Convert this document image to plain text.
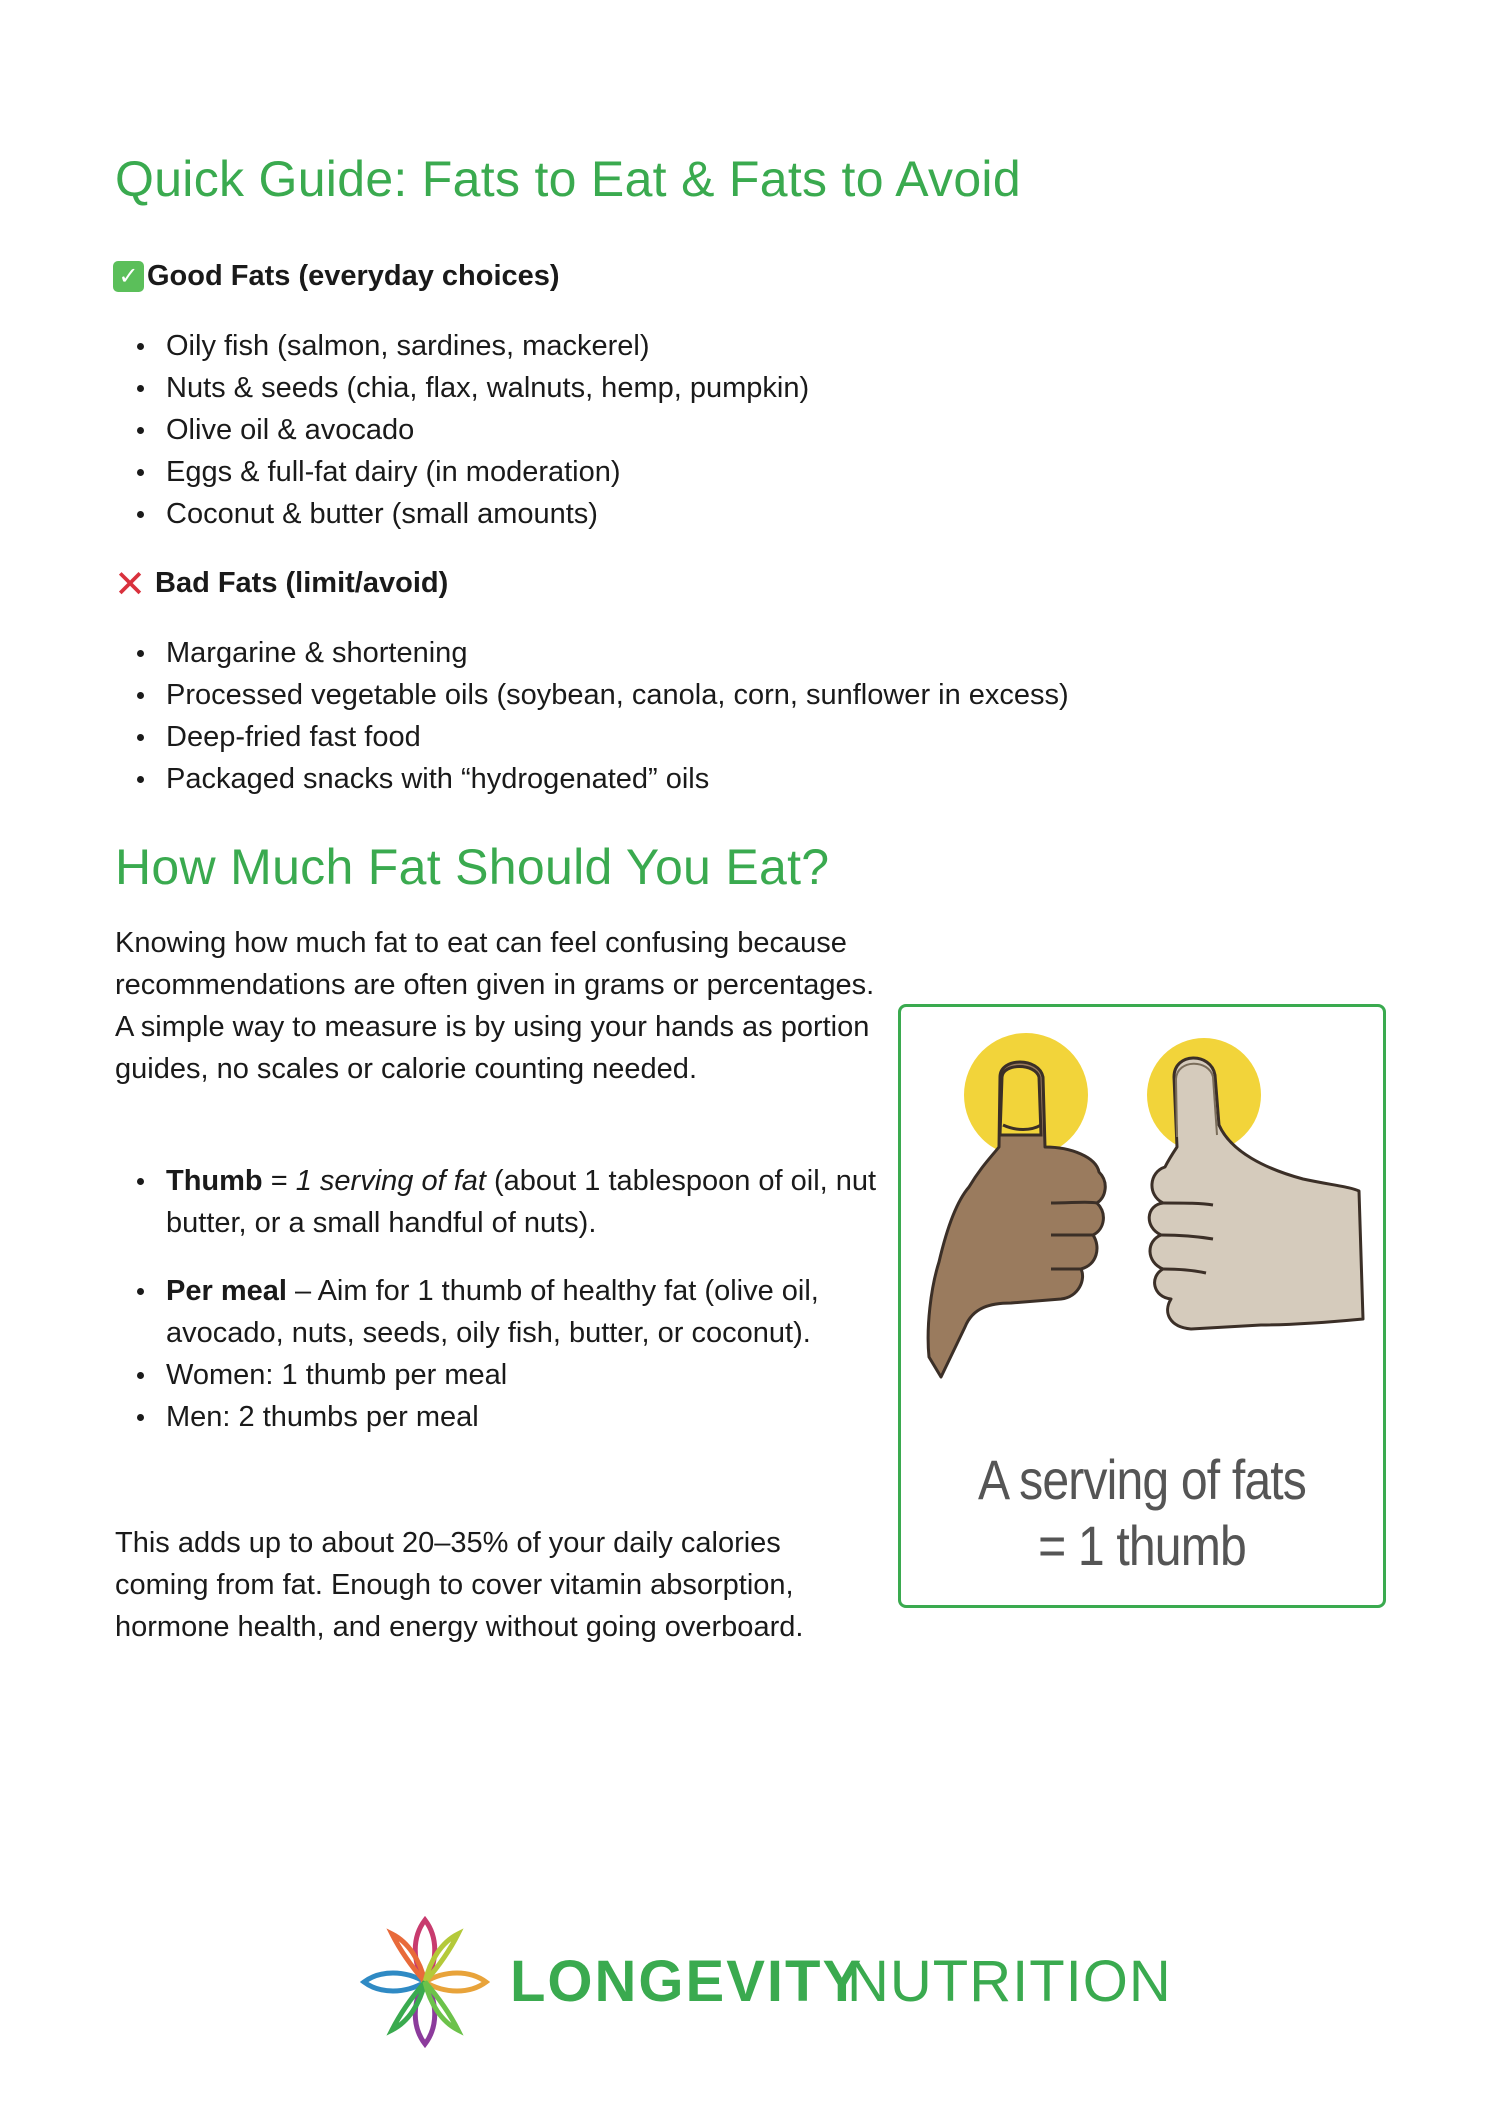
Quick Guide: Fats to Eat & Fats to Avoid
✓ Good Fats (everyday choices)
Oily fish (salmon, sardines, mackerel)
Nuts & seeds (chia, flax, walnuts, hemp, pumpkin)
Olive oil & avocado
Eggs & full-fat dairy (in moderation)
Coconut & butter (small amounts)
✕ Bad Fats (limit/avoid)
Margarine & shortening
Processed vegetable oils (soybean, canola, corn, sunflower in excess)
Deep-fried fast food
Packaged snacks with “hydrogenated” oils
How Much Fat Should You Eat?

Knowing how much fat to eat can feel confusing because recommendations are often given in grams or percentages. A simple way to measure is by using your hands as portion guides, no scales or calorie counting needed.

Thumb = 1 serving of fat (about 1 tablespoon of oil, nut butter, or a small handful of nuts).
Per meal – Aim for 1 thumb of healthy fat (olive oil, avocado, nuts, seeds, oily fish, butter, or coconut).
Women: 1 thumb per meal
Men: 2 thumbs per meal

This adds up to about 20–35% of your daily calories coming from fat. Enough to cover vitamin absorption, hormone health, and energy without going overboard.

A serving of fats
= 1 thumb
LONGEVITY
NUTRITION
